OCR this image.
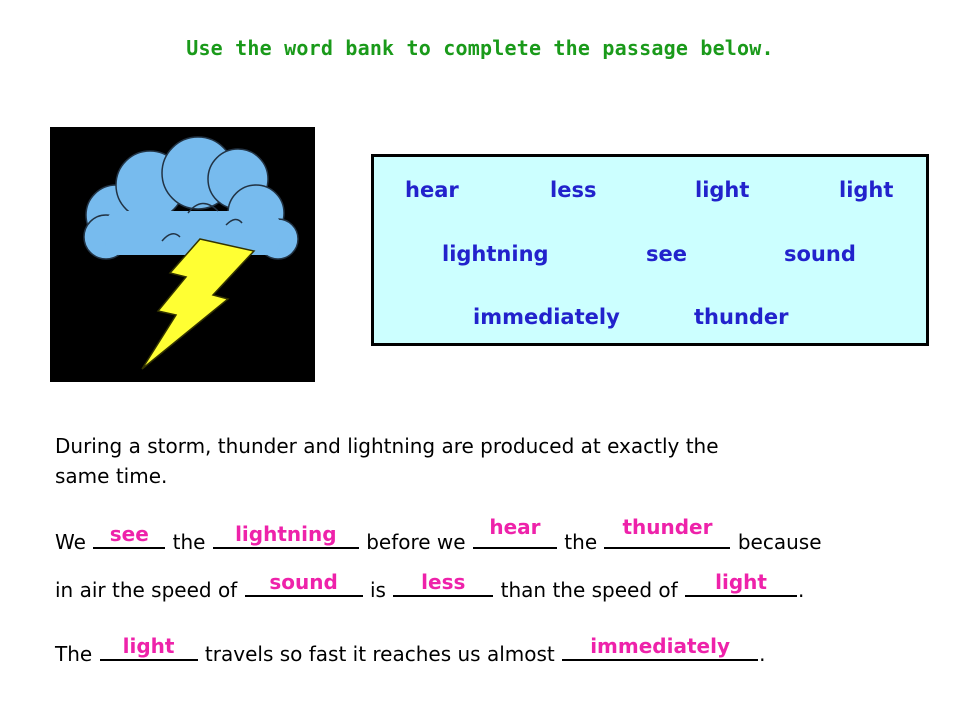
Use the word bank to complete the passage below.
hear	less	light	light
lightning	see	sound
immediately	thunder
During a storm, thunder and lightning are produced at exactly the
same time.
We	see	the	lightning	before we
hear
the
thunder
because
in air the speed of	sound	is	less	than the speed of	light	.
The	light	travels so fast it reaches us almost	immediately	.
